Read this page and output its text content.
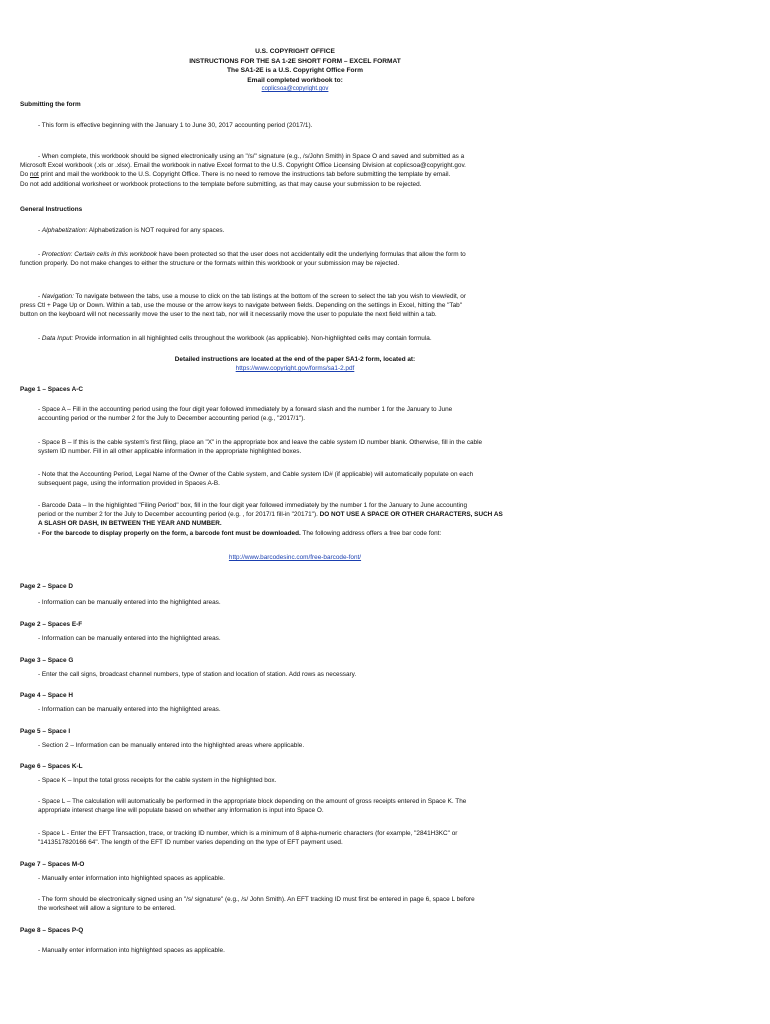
U.S. COPYRIGHT OFFICE
INSTRUCTIONS FOR THE SA 1-2E SHORT FORM – EXCEL FORMAT
The SA1-2E is a U.S. Copyright Office Form
Email completed workbook to:
coplicsoa@copyright.gov
Submitting the form
- This form is effective beginning with the January 1 to June 30, 2017 accounting period (2017/1).
- When complete, this workbook should be signed electronically using an "/s/" signature (e.g., /s/John Smith) in Space O and saved and submitted as a
Microsoft Excel workbook (.xls or .xlsx). Email the workbook in native Excel format to the U.S. Copyright Office Licensing Division at coplicsoa@copyright.gov.
Do not print and mail the workbook to the U.S. Copyright Office. There is no need to remove the instructions tab before submitting the template by email.
Do not add additional worksheet or workbook protections to the template before submitting, as that may cause your submission to be rejected.
General Instructions
- Alphabetization: Alphabetization is NOT required for any spaces.
- Protection: Certain cells in this workbook have been protected so that the user does not accidentally edit the underlying formulas that allow the form to
function properly. Do not make changes to either the structure or the formats within this workbook or your submission may be rejected.
- Navigation: To navigate between the tabs, use a mouse to click on the tab listings at the bottom of the screen to select the tab you wish to view/edit, or
press Ctl + Page Up or Down. Within a tab, use the mouse or the arrow keys to navigate between fields. Depending on the settings in Excel, hitting the "Tab"
button on the keyboard will not necessarily move the user to the next tab, nor will it necessarily move the user to populate the next field within a tab.
- Data Input: Provide information in all highlighted cells throughout the workbook (as applicable). Non-highlighted cells may contain formula.
Detailed instructions are located at the end of the paper SA1-2 form, located at:
https://www.copyright.gov/forms/sa1-2.pdf
Page 1 – Spaces A-C
- Space A – Fill in the accounting period using the four digit year followed immediately by a forward slash and the number 1 for the January to June
accounting period or the number 2 for the July to December accounting period (e.g., "2017/1").
- Space B – If this is the cable system's first filing, place an "X" in the appropriate box and leave the cable system ID number blank. Otherwise, fill in the cable
system ID number. Fill in all other applicable information in the appropriate highlighted boxes.
- Note that the Accounting Period, Legal Name of the Owner of the Cable system, and Cable system ID# (if applicable) will automatically populate on each
subsequent page, using the information provided in Spaces A-B.
- Barcode Data – In the highlighted "Filing Period" box, fill in the four digit year followed immediately by the number 1 for the January to June accounting
period or the number 2 for the July to December accounting period (e.g. , for 2017/1 fill-in "20171"). DO NOT USE A SPACE OR OTHER CHARACTERS, SUCH AS
A SLASH OR DASH, IN BETWEEN THE YEAR AND NUMBER.
- For the barcode to display properly on the form, a barcode font must be downloaded. The following address offers a free bar code font:
http://www.barcodesinc.com/free-barcode-font/
Page 2 – Space D
- Information can be manually entered into the highlighted areas.
Page 2 – Spaces E-F
- Information can be manually entered into the highlighted areas.
Page 3 – Space G
- Enter the call signs, broadcast channel numbers, type of station and location of station. Add rows as necessary.
Page 4 – Space H
- Information can be manually entered into the highlighted areas.
Page 5 – Space I
- Section 2 – Information can be manually entered into the highlighted areas where applicable.
Page 6 – Spaces K-L
- Space K – Input the total gross receipts for the cable system in the highlighted box.
- Space L – The calculation will automatically be performed in the appropriate block depending on the amount of gross receipts entered in Space K. The
appropriate interest charge line will populate based on whether any information is input into Space O.
- Space L - Enter the EFT Transaction, trace, or tracking ID number, which is a minimum of 8 alpha-numeric characters (for example, "2841H3KC" or
"1413517820166 64". The length of the EFT ID number varies depending on the type of EFT payment used.
Page 7 – Spaces M-O
- Manually enter information into highlighted spaces as applicable.
- The form should be electronically signed using an "/s/ signature" (e.g., /s/ John Smith). An EFT tracking ID must first be entered in page 6, space L before
the worksheet will allow a signture to be entered.
Page 8 – Spaces P-Q
- Manually enter information into highlighted spaces as applicable.
